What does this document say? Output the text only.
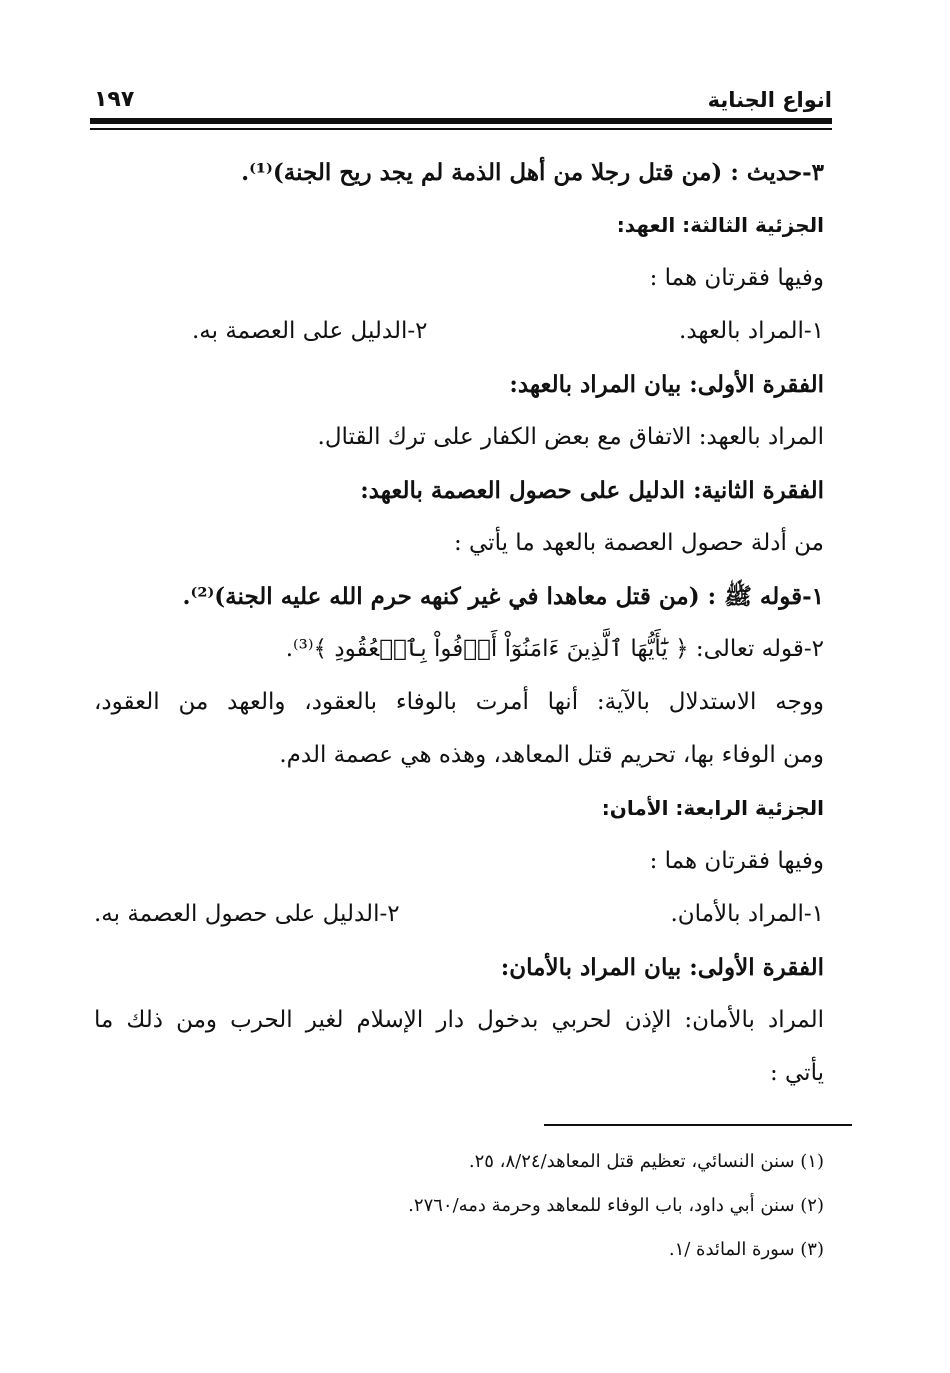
انواع الجناية
١٩٧
٣-حديث : (من قتل رجلا من أهل الذمة لم يجد ريح الجنة)⁽¹⁾.
الجزئية الثالثة: العهد:
وفيها فقرتان هما :
١-المراد بالعهد.
٢-الدليل على العصمة به.
الفقرة الأولى: بيان المراد بالعهد:
المراد بالعهد: الاتفاق مع بعض الكفار على ترك القتال.
الفقرة الثانية: الدليل على حصول العصمة بالعهد:
من أدلة حصول العصمة بالعهد ما يأتي :
١-قوله ﷺ : (من قتل معاهدا في غير كنهه حرم الله عليه الجنة)⁽²⁾.
٢-قوله تعالى: ﴿ يَٰٓأَيُّهَا ٱلَّذِينَ ءَامَنُوٓاْ أَوۡفُواْ بِٱلۡعُقُودِ ﴾⁽³⁾.
ووجه الاستدلال بالآية: أنها أمرت بالوفاء بالعقود، والعهد من العقود،
ومن الوفاء بها، تحريم قتل المعاهد، وهذه هي عصمة الدم.
الجزئية الرابعة: الأمان:
وفيها فقرتان هما :
١-المراد بالأمان.
٢-الدليل على حصول العصمة به.
الفقرة الأولى: بيان المراد بالأمان:
المراد بالأمان: الإذن لحربي بدخول دار الإسلام لغير الحرب ومن ذلك ما
يأتي :
(١) سنن النسائي، تعظيم قتل المعاهد/٨/٢٤، ٢٥.
(٢) سنن أبي داود، باب الوفاء للمعاهد وحرمة دمه/٢٧٦٠.
(٣) سورة المائدة /١.
